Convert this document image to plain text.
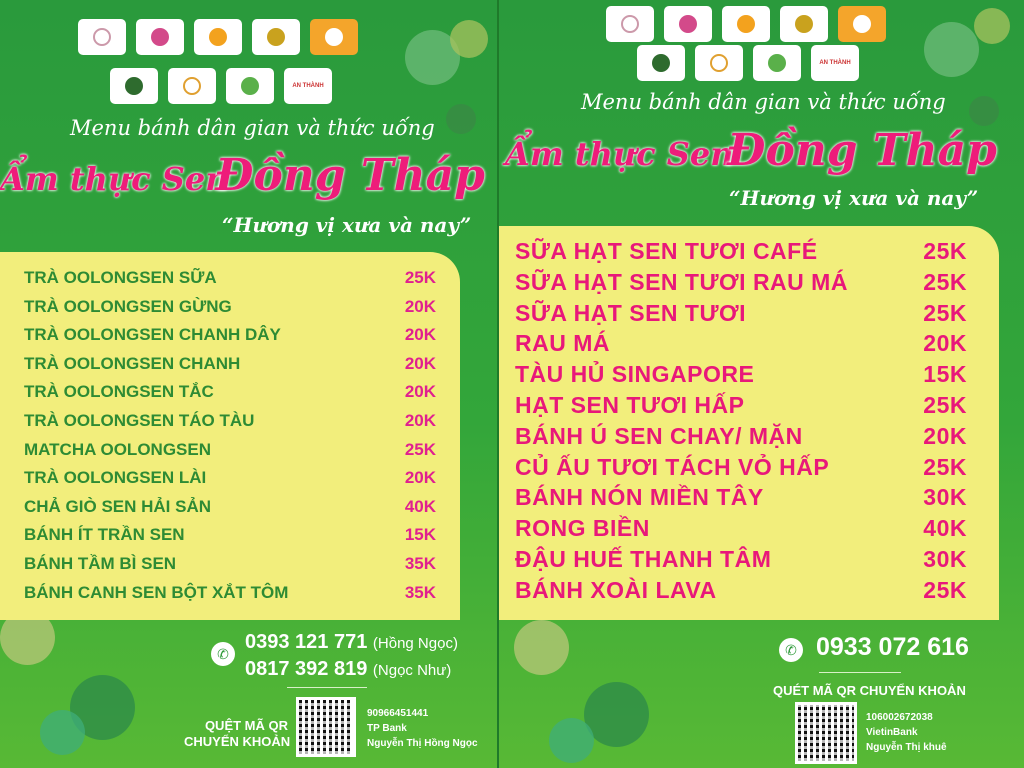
AN THÀNH
Menu bánh dân gian và thức uống
Ẩm thực Sen
Đồng Tháp
“Hương vị xưa và nay”
TRÀ OOLONGSEN SỮA	25K
TRÀ OOLONGSEN GỪNG	20K
TRÀ OOLONGSEN CHANH DÂY	20K
TRÀ OOLONGSEN CHANH	20K
TRÀ OOLONGSEN TẮC	20K
TRÀ OOLONGSEN TÁO TÀU	20K
MATCHA OOLONGSEN	25K
TRÀ OOLONGSEN LÀI	20K
CHẢ GIÒ SEN HẢI SẢN	40K
BÁNH ÍT TRẦN SEN	15K
BÁNH TẦM BÌ SEN	35K
BÁNH CANH SEN BỘT XẮT TÔM	35K
✆
0393 121 771 (Hồng Ngọc)
0817 392 819 (Ngọc Như)
QUỆT MÃ QR
CHUYỂN KHOẢN
90966451441
TP Bank
Nguyễn Thị Hồng Ngọc
AN THÀNH
Menu bánh dân gian và thức uống
Ẩm thực Sen
Đồng Tháp
“Hương vị xưa và nay”
SỮA HẠT SEN TƯƠI CAFÉ	25K
SỮA HẠT SEN TƯƠI RAU MÁ	25K
SỮA HẠT SEN TƯƠI	25K
RAU MÁ	20K
TÀU HỦ SINGAPORE	15K
HẠT SEN TƯƠI HẤP	25K
BÁNH Ú SEN CHAY/ MẶN	20K
CỦ ẤU TƯƠI TÁCH VỎ HẤP	25K
BÁNH NÓN MIỀN TÂY	30K
RONG BIỀN	40K
ĐẬU HUẾ THANH TÂM	30K
BÁNH XOÀI LAVA	25K
✆ 0933 072 616
QUÉT MÃ QR CHUYỂN KHOẢN
106002672038
VietinBank
Nguyễn Thị khuê
